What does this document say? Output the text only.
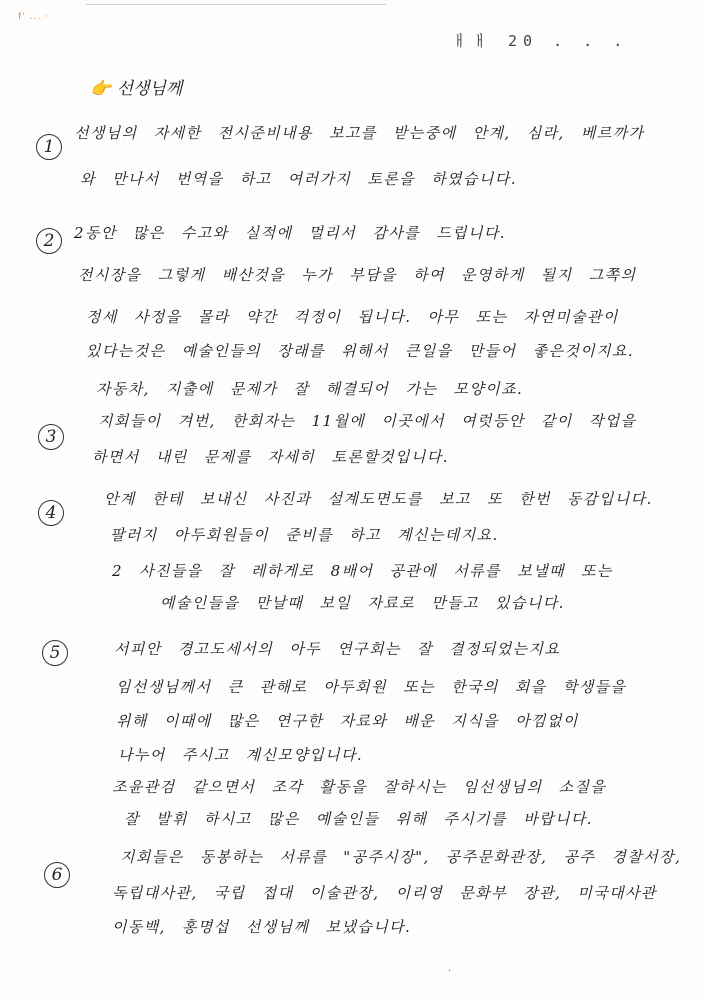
f' ... ·
ㅐㅐ 20 . . .
👉 선생님께
1
선생님의 자세한 전시준비내용 보고를 받는중에 안계, 심라, 베르까가
와 만나서 번역을 하고 여러가지 토론을 하였습니다.
2	2동안 많은 수고와 실적에 멀리서 감사를 드립니다.
전시장을 그렇게 배산것을 누가 부담을 하여 운영하게 될지 그쪽의
정세 사정을 몰라 약간 걱정이 됩니다. 아무 또는 자연미술관이
있다는것은 예술인들의 장래를 위해서 큰일을 만들어 좋은것이지요.
자동차, 지출에 문제가 잘 해결되어 가는 모양이죠.
3
지회들이 겨번, 한회자는 11월에 이곳에서 여럿등안 같이 작업을
하면서 내린 문제를 자세히 토론할것입니다.
4
안계 한테 보내신 사진과 설계도면도를 보고 또 한번 동감입니다.
팔러지 아두회원들이 준비를 하고 계신는데지요.
2 사진들을 잘 레하게로 8배어 공관에 서류를 보낼때 또는
예술인들을 만날때 보일 자료로 만들고 있습니다.
5	서피안 경고도세서의 아두 연구회는 잘 결정되었는지요
임선생님께서 큰 관해로 아두회원 또는 한국의 회을 학생들을
위해 이때에 많은 연구한 자료와 배운 지식을 아낌없이
나누어 주시고 계신모양입니다.
조윤관검 같으면서 조각 활동을 잘하시는 임선생님의 소질을
잘 발휘 하시고 많은 예술인들 위해 주시기를 바랍니다.
6
지회들은 동봉하는 서류를 "공주시장", 공주문화관장, 공주 경찰서장,
독립대사관, 국립 접대 이술관장, 이리영 문화부 장관, 미국대사관
이동백, 홍명섭 선생님께 보냈습니다.
·
